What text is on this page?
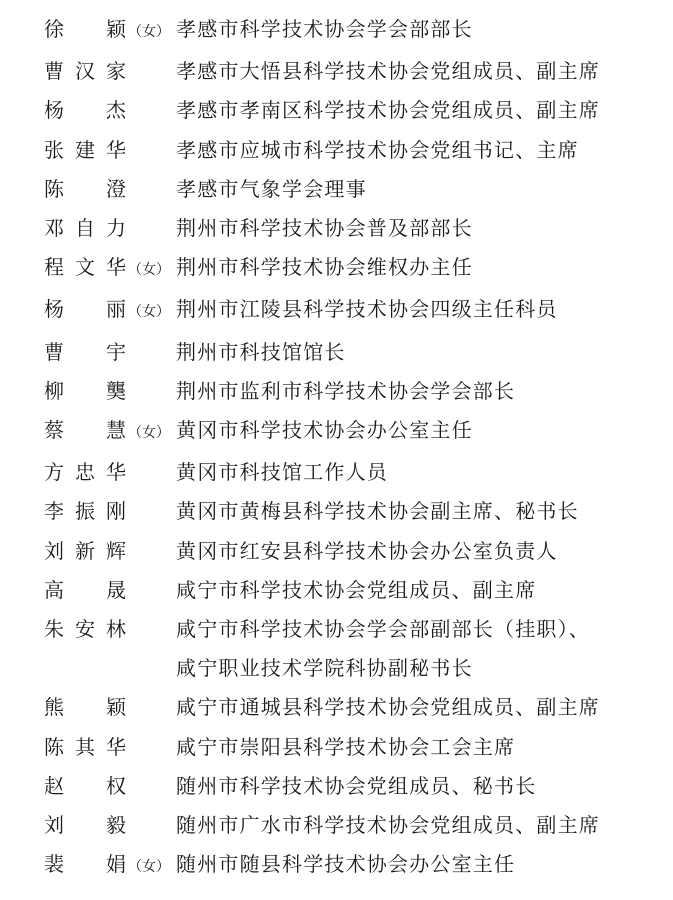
徐 颖 （女） 孝感市科学技术协会学会部部长
曹汉家	孝感市大悟县科学技术协会党组成员、副主席
杨 杰	孝感市孝南区科学技术协会党组成员、副主席
张建华	孝感市应城市科学技术协会党组书记、主席
陈 澄	孝感市气象学会理事
邓自力	荆州市科学技术协会普及部部长
程文华 （女） 荆州市科学技术协会维权办主任
杨 丽 （女） 荆州市江陵县科学技术协会四级主任科员
曹 宇	荆州市科技馆馆长
柳 龑	荆州市监利市科学技术协会学会部长
蔡 慧 （女） 黄冈市科学技术协会办公室主任
方忠华	黄冈市科技馆工作人员
李振刚	黄冈市黄梅县科学技术协会副主席、秘书长
刘新辉	黄冈市红安县科学技术协会办公室负责人
高 晟	咸宁市科学技术协会党组成员、副主席
朱安林	咸宁市科学技术协会学会部副部长（挂职）、
咸宁职业技术学院科协副秘书长
熊 颖	咸宁市通城县科学技术协会党组成员、副主席
陈其华	咸宁市崇阳县科学技术协会工会主席
赵 权	随州市科学技术协会党组成员、秘书长
刘 毅	随州市广水市科学技术协会党组成员、副主席
裴 娟 （女） 随州市随县科学技术协会办公室主任
